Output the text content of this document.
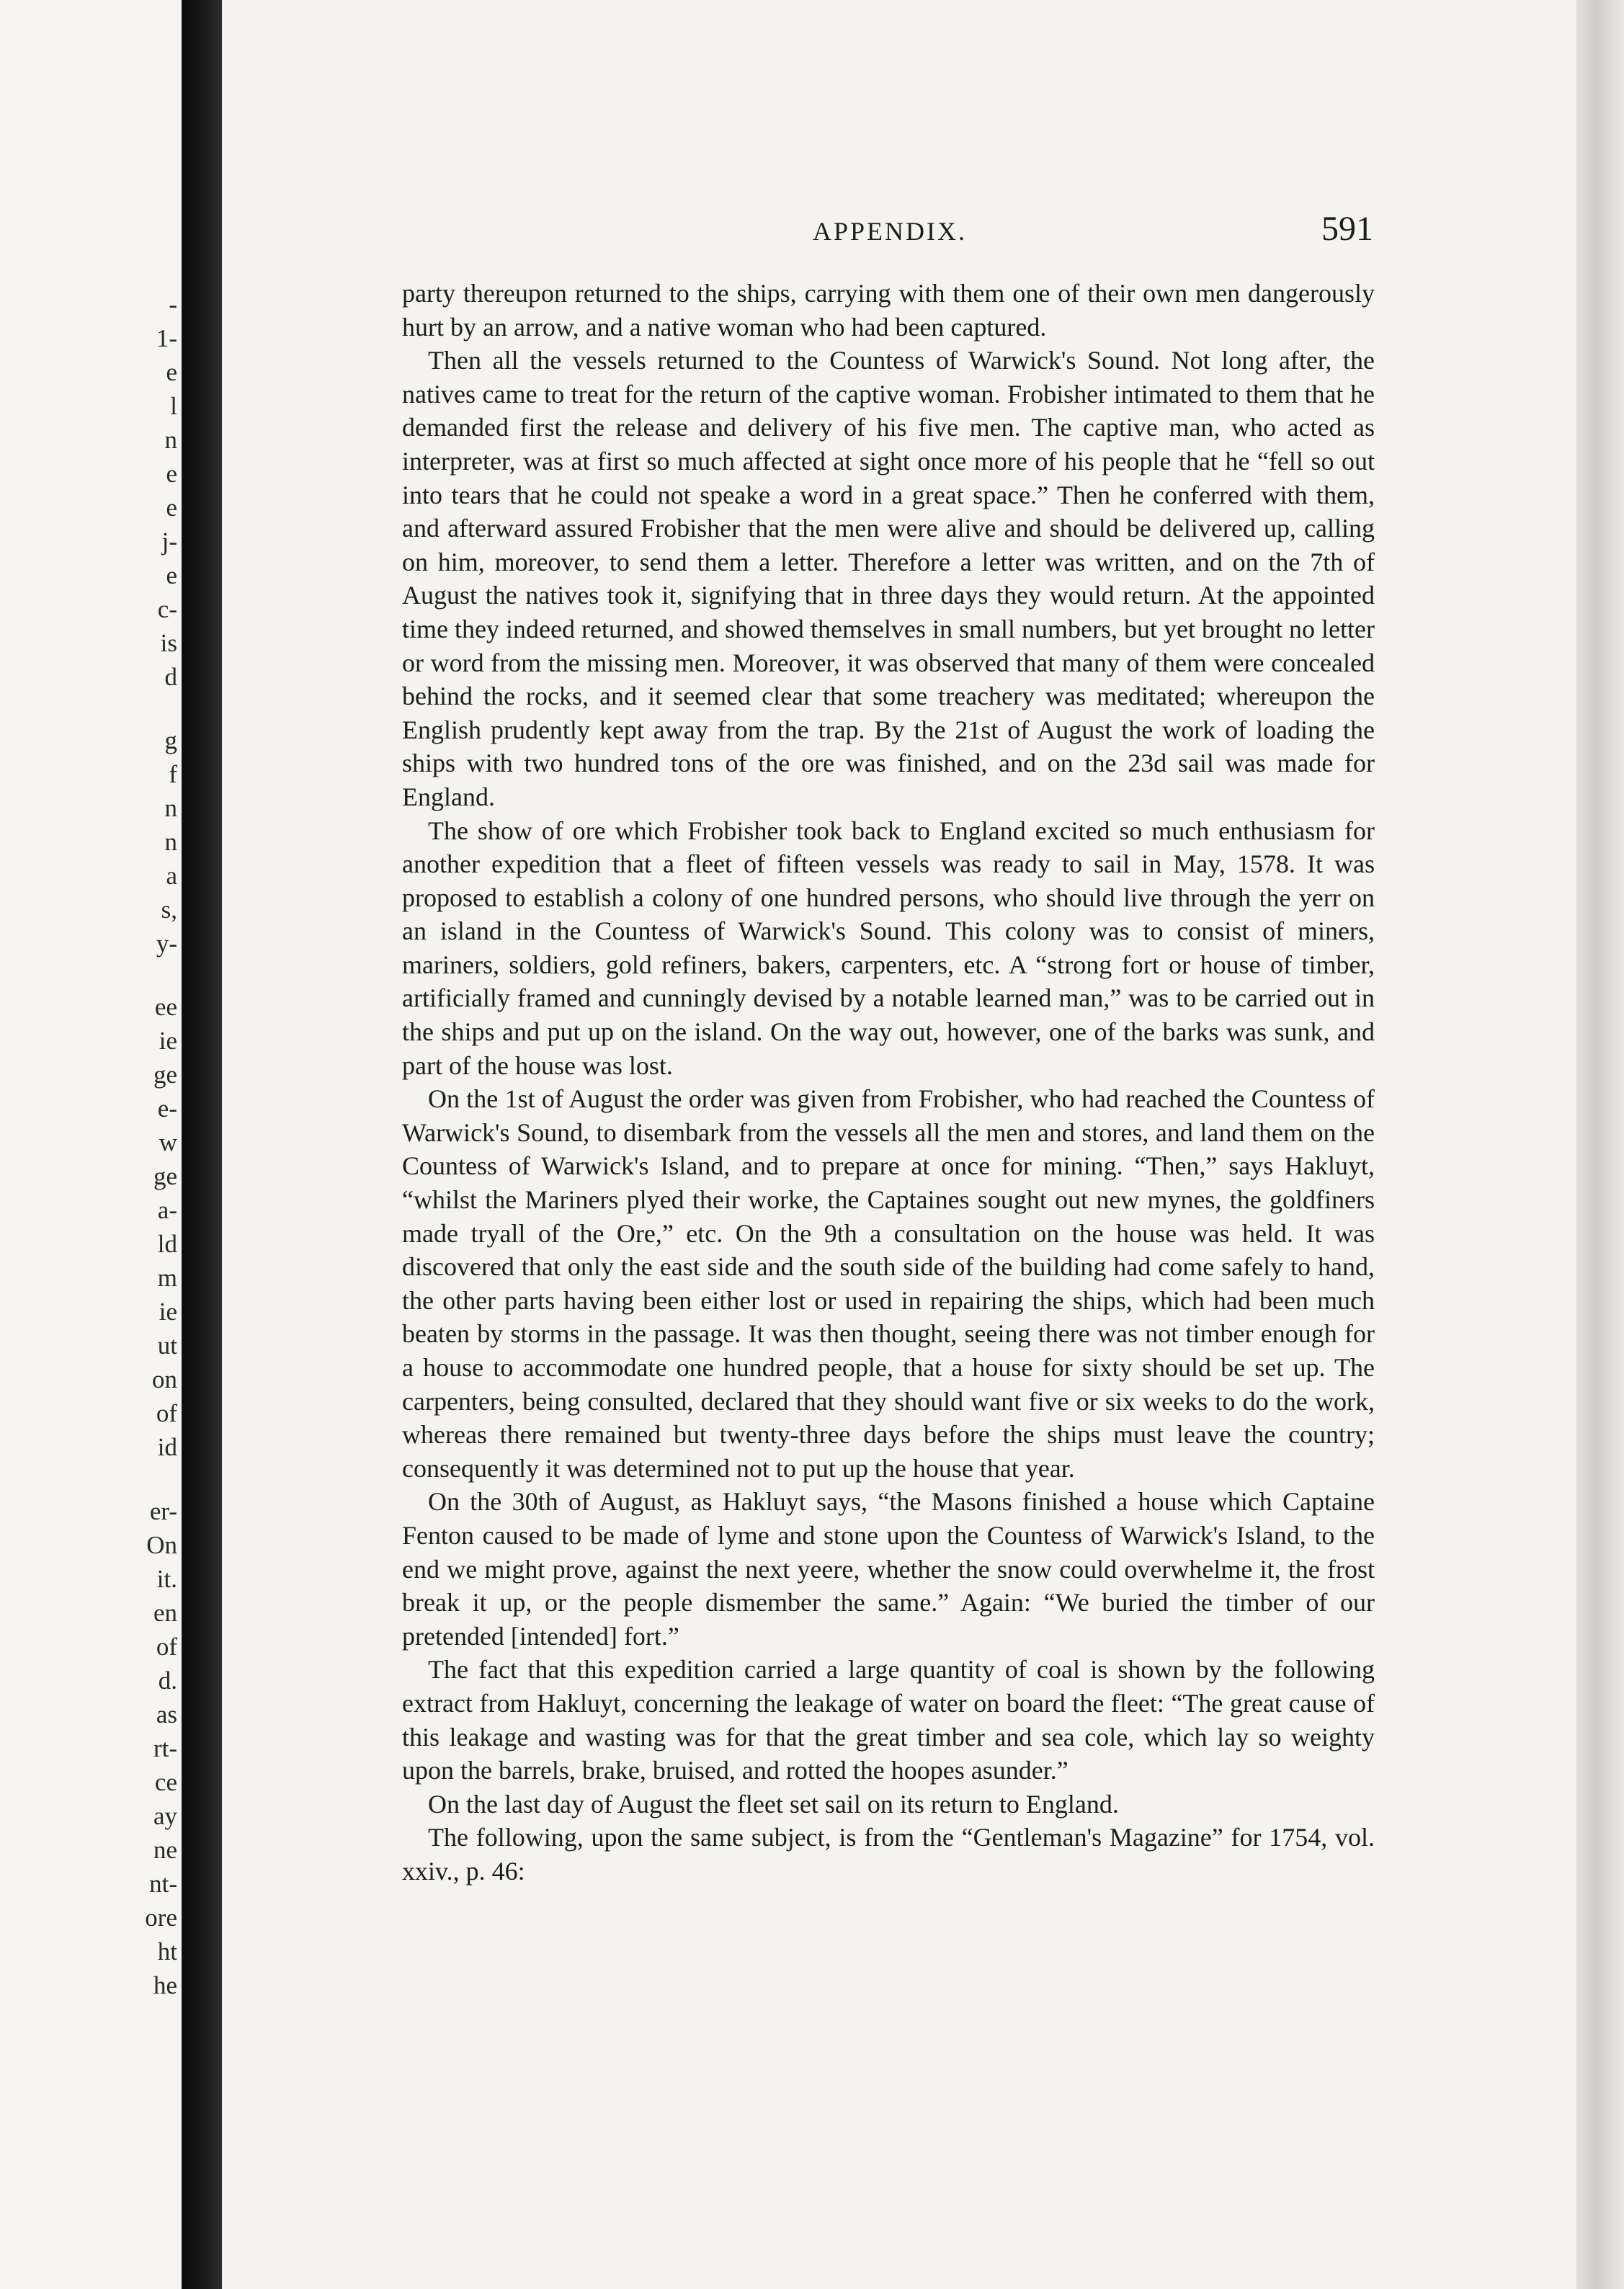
-
1-
e
l
n
e
e
j-
e
c-
is
d
g
f
n
n
a
s,
y-
ee
ie
ge
e-
w
ge
a-
ld
m
ie
ut
on
of
id
er-
On
it.
en
of
d.
as
rt-
ce
ay
ne
nt-
ore
ht
he
APPENDIX.	591

party thereupon returned to the ships, carrying with them one of their own men dangerously hurt by an arrow, and a native woman who had been captured.

Then all the vessels returned to the Countess of Warwick's Sound. Not long after, the natives came to treat for the return of the captive woman. Frobisher intimated to them that he demanded first the release and delivery of his five men. The captive man, who acted as interpreter, was at first so much affected at sight once more of his people that he “fell so out into tears that he could not speake a word in a great space.” Then he conferred with them, and afterward assured Frobisher that the men were alive and should be delivered up, calling on him, moreover, to send them a letter. Therefore a letter was written, and on the 7th of August the natives took it, signifying that in three days they would return. At the appointed time they indeed returned, and showed themselves in small numbers, but yet brought no letter or word from the missing men. Moreover, it was observed that many of them were concealed behind the rocks, and it seemed clear that some treachery was meditated; whereupon the English prudently kept away from the trap. By the 21st of August the work of loading the ships with two hundred tons of the ore was finished, and on the 23d sail was made for England.

The show of ore which Frobisher took back to England excited so much enthusiasm for another expedition that a fleet of fifteen vessels was ready to sail in May, 1578. It was proposed to establish a colony of one hundred persons, who should live through the yerr on an island in the Countess of Warwick's Sound. This colony was to consist of miners, mariners, soldiers, gold refiners, bakers, carpenters, etc. A “strong fort or house of timber, artificially framed and cunningly devised by a notable learned man,” was to be carried out in the ships and put up on the island. On the way out, however, one of the barks was sunk, and part of the house was lost.

On the 1st of August the order was given from Frobisher, who had reached the Countess of Warwick's Sound, to disembark from the vessels all the men and stores, and land them on the Countess of Warwick's Island, and to prepare at once for mining. “Then,” says Hakluyt, “whilst the Mariners plyed their worke, the Captaines sought out new mynes, the goldfiners made tryall of the Ore,” etc. On the 9th a consultation on the house was held. It was discovered that only the east side and the south side of the building had come safely to hand, the other parts having been either lost or used in repairing the ships, which had been much beaten by storms in the passage. It was then thought, seeing there was not timber enough for a house to accommodate one hundred people, that a house for sixty should be set up. The carpenters, being consulted, declared that they should want five or six weeks to do the work, whereas there remained but twenty-three days before the ships must leave the country; consequently it was determined not to put up the house that year.

On the 30th of August, as Hakluyt says, “the Masons finished a house which Captaine Fenton caused to be made of lyme and stone upon the Countess of Warwick's Island, to the end we might prove, against the next yeere, whether the snow could overwhelme it, the frost break it up, or the people dismember the same.” Again: “We buried the timber of our pretended [intended] fort.”

The fact that this expedition carried a large quantity of coal is shown by the following extract from Hakluyt, concerning the leakage of water on board the fleet: “The great cause of this leakage and wasting was for that the great timber and sea cole, which lay so weighty upon the barrels, brake, bruised, and rotted the hoopes asunder.”

On the last day of August the fleet set sail on its return to England.

The following, upon the same subject, is from the “Gentleman's Magazine” for 1754, vol. xxiv., p. 46:
